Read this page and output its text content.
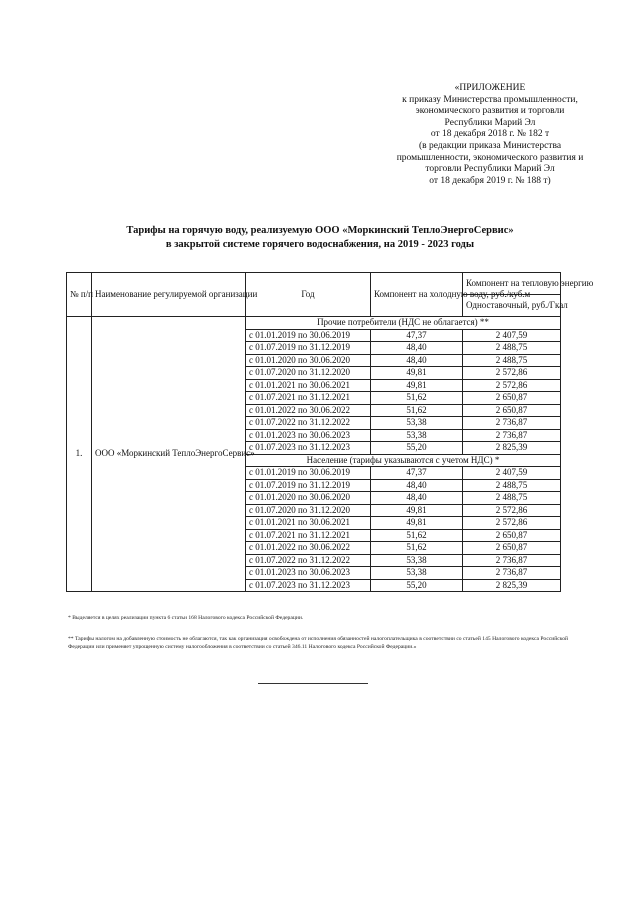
«ПРИЛОЖЕНИЕ
к приказу Министерства промышленности,
экономического развития и торговли
Республики Марий Эл
от 18 декабря 2018 г. № 182 т
(в редакции приказа Министерства
промышленности, экономического развития и
торговли Республики Марий Эл
от 18 декабря 2019 г. № 188 т)
Тарифы на горячую воду, реализуемую ООО «Моркинский ТеплоЭнергоСервис»
в закрытой системе горячего водоснабжения, на 2019 - 2023 годы
№ п/п	Наименование регулируемой организации	Год	Компонент на холодную воду, руб./куб.м	Компонент на тепловую энергию
				Одноставочный, руб./Гкал
1.	ООО «Моркинский ТеплоЭнергоСервис»	Прочие потребители (НДС не облагается) **		
		с 01.01.2019 по 30.06.2019	47,37	2 407,59
		с 01.07.2019 по 31.12.2019	48,40	2 488,75
		с 01.01.2020 по 30.06.2020	48,40	2 488,75
		с 01.07.2020 по 31.12.2020	49,81	2 572,86
		с 01.01.2021 по 30.06.2021	49,81	2 572,86
		с 01.07.2021 по 31.12.2021	51,62	2 650,87
		с 01.01.2022 по 30.06.2022	51,62	2 650,87
		с 01.07.2022 по 31.12.2022	53,38	2 736,87
		с 01.01.2023 по 30.06.2023	53,38	2 736,87
		с 01.07.2023 по 31.12.2023	55,20	2 825,39
		Население (тарифы указываются с учетом НДС) *		
		с 01.01.2019 по 30.06.2019	47,37	2 407,59
		с 01.07.2019 по 31.12.2019	48,40	2 488,75
		с 01.01.2020 по 30.06.2020	48,40	2 488,75
		с 01.07.2020 по 31.12.2020	49,81	2 572,86
		с 01.01.2021 по 30.06.2021	49,81	2 572,86
		с 01.07.2021 по 31.12.2021	51,62	2 650,87
		с 01.01.2022 по 30.06.2022	51,62	2 650,87
		с 01.07.2022 по 31.12.2022	53,38	2 736,87
		с 01.01.2023 по 30.06.2023	53,38	2 736,87
		с 01.07.2023 по 31.12.2023	55,20	2 825,39
* Выделяется в целях реализации пункта 6 статьи 168 Налогового кодекса Российской Федерации.
** Тарифы налогом на добавленную стоимость не облагаются, так как организация освобождена от исполнения обязанностей налогоплательщика в соответствии со статьей 145 Налогового кодекса Российской Федерации или применяет упрощенную систему налогообложения в соответствии со статьей 346.11 Налогового кодекса Российской Федерации.»
